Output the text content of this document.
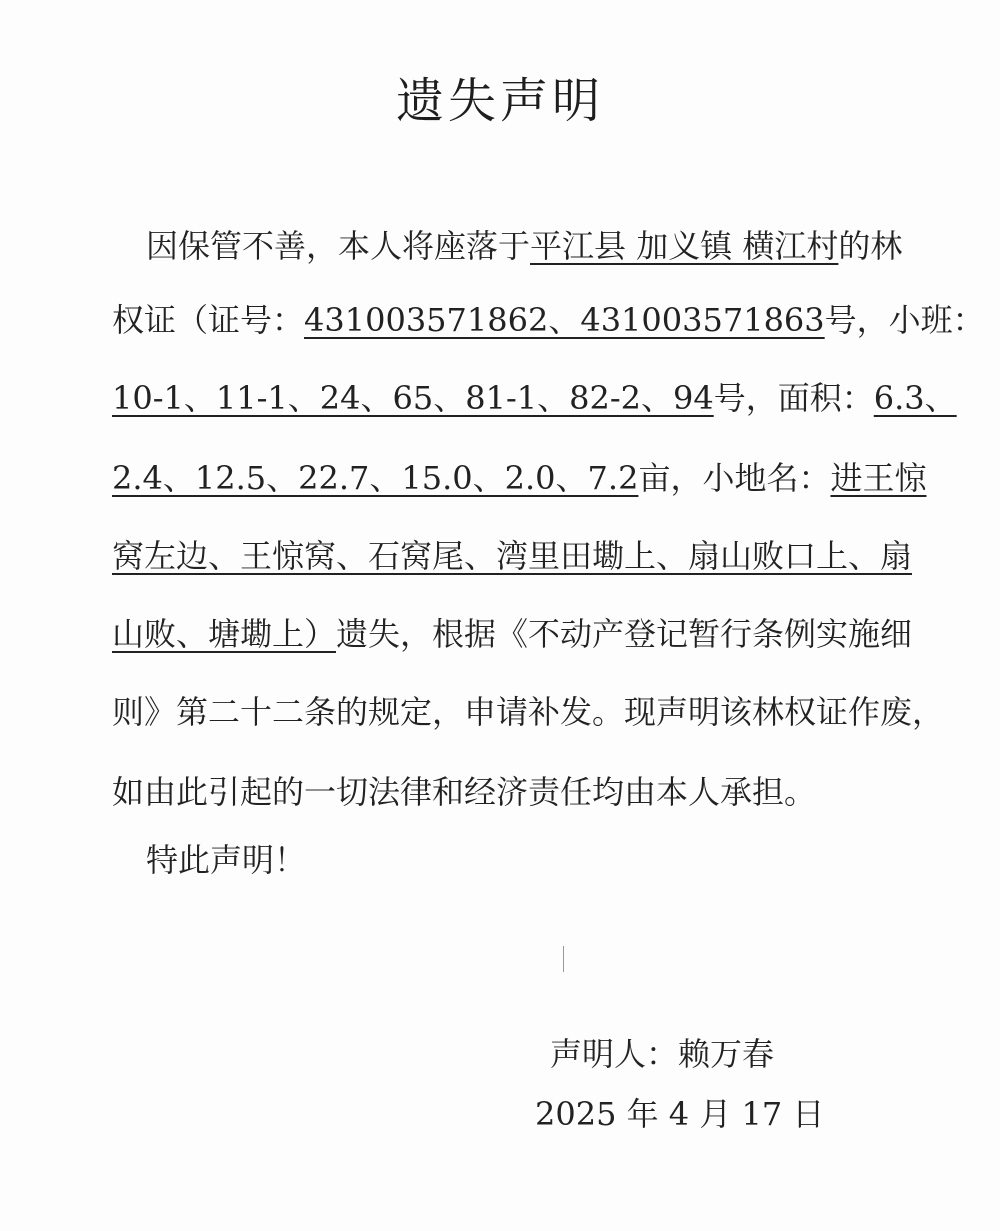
遗失声明
因保管不善，本人将座落于平江县 加义镇 横江村的林
权证（证号：431003571862、431003571863号，小班：
10-1、11-1、24、65、81-1、82-2、94号，面积：6.3、
2.4、12.5、22.7、15.0、2.0、7.2亩，小地名：进王惊
窝左边、王惊窝、石窝尾、湾里田墈上、扇山败口上、扇
山败、塘墈上）遗失，根据《不动产登记暂行条例实施细
则》第二十二条的规定，申请补发。现声明该林权证作废，
如由此引起的一切法律和经济责任均由本人承担。
特此声明！
声明人：赖万春
2025 年 4 月 17 日
